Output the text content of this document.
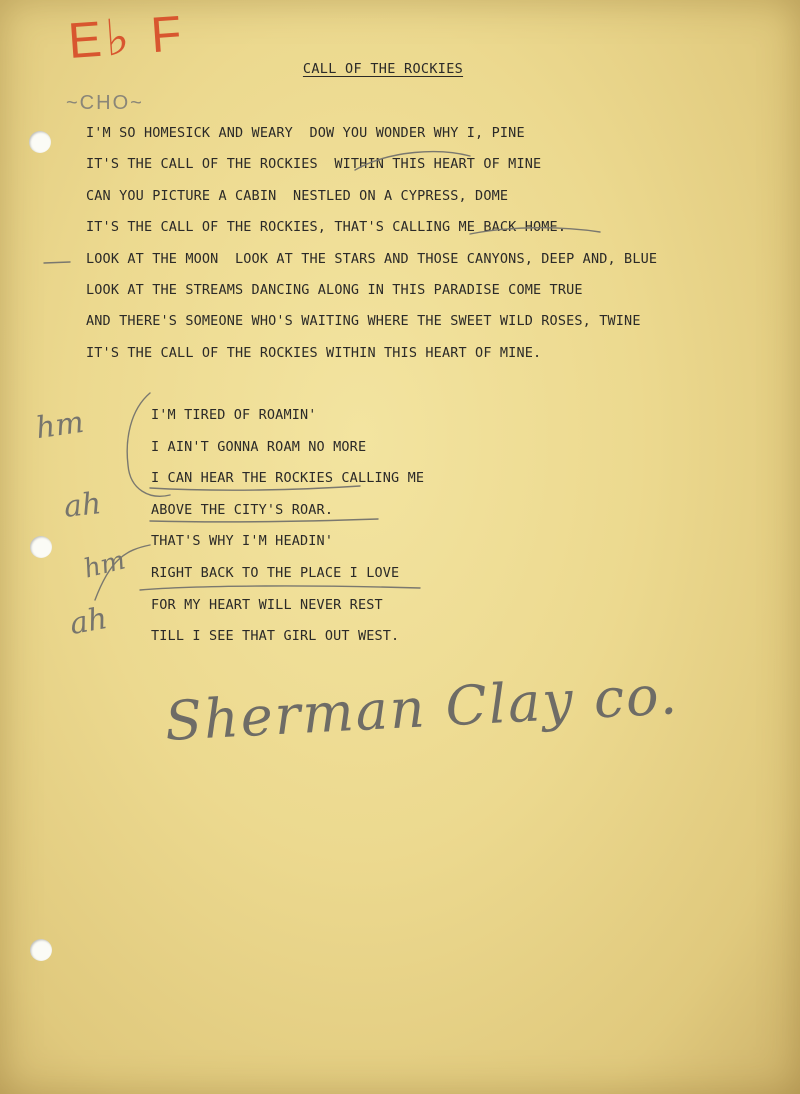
E♭ F
~CHO~
CALL OF THE ROCKIES
I'M SO HOMESICK AND WEARY  DOW YOU WONDER WHY I, PINE
IT'S THE CALL OF THE ROCKIES  WITHIN THIS HEART OF MINE
CAN YOU PICTURE A CABIN  NESTLED ON A CYPRESS, DOME
IT'S THE CALL OF THE ROCKIES, THAT'S CALLING ME BACK HOME.
LOOK AT THE MOON  LOOK AT THE STARS AND THOSE CANYONS, DEEP AND, BLUE
LOOK AT THE STREAMS DANCING ALONG IN THIS PARADISE COME TRUE
AND THERE'S SOMEONE WHO'S WAITING WHERE THE SWEET WILD ROSES, TWINE
IT'S THE CALL OF THE ROCKIES WITHIN THIS HEART OF MINE.
I'M TIRED OF ROAMIN'
I AIN'T GONNA ROAM NO MORE
I CAN HEAR THE ROCKIES CALLING ME
ABOVE THE CITY'S ROAR.
THAT'S WHY I'M HEADIN'
RIGHT BACK TO THE PLACE I LOVE
FOR MY HEART WILL NEVER REST
TILL I SEE THAT GIRL OUT WEST.
hm
ah
hm
ah
Sherman Clay co.
